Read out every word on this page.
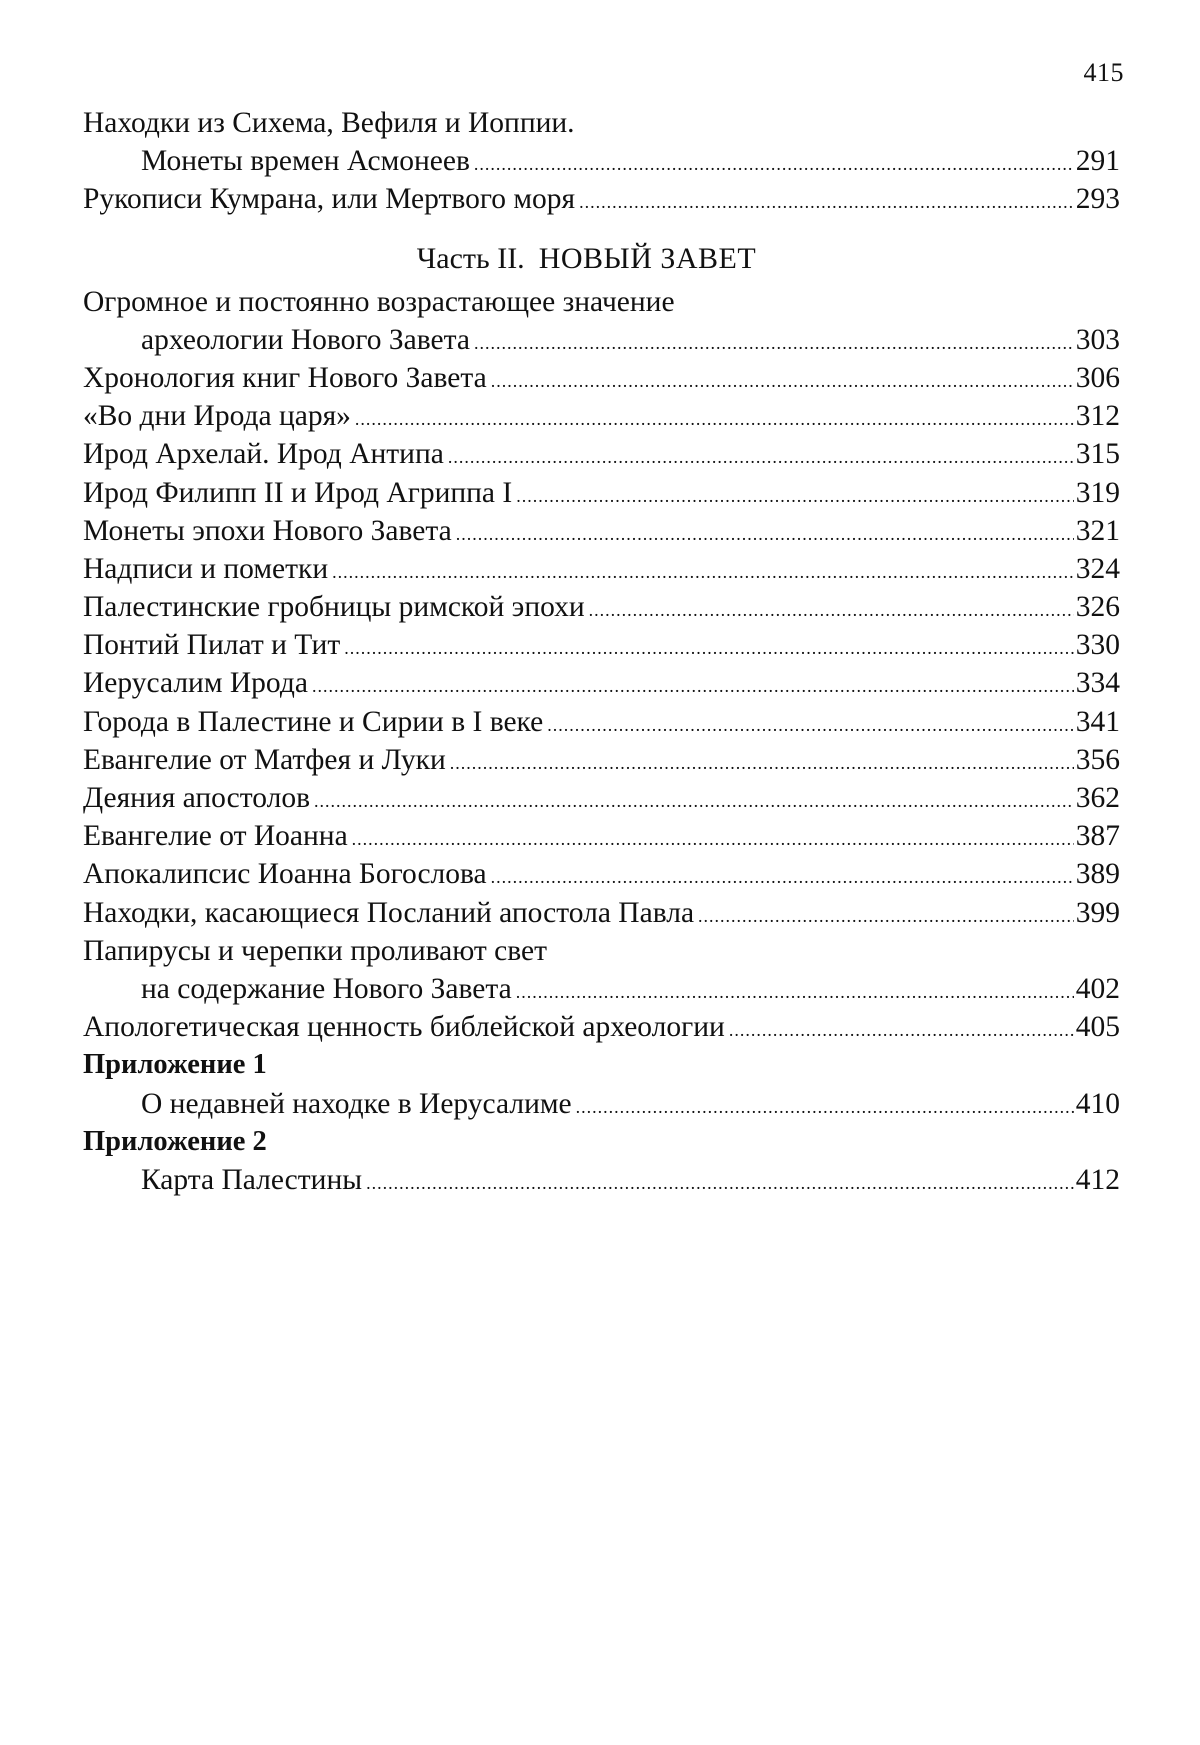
415
Находки из Сихема, Вефиля и Иоппии.
Монеты времен Асмонеев .....	291
Рукописи Кумрана, или Мертвого моря .....	293
Часть II. НОВЫЙ ЗАВЕТ
Огромное и постоянно возрастающее значение
археологии Нового Завета .....	303
Хронология книг Нового Завета .....	306
«Во дни Ирода царя» .....	312
Ирод Архелай. Ирод Антипа .....	315
Ирод Филипп II и Ирод Агриппа I .....	319
Монеты эпохи Нового Завета .....	321
Надписи и пометки .....	324
Палестинские гробницы римской эпохи .....	326
Понтий Пилат и Тит .....	330
Иерусалим Ирода .....	334
Города в Палестине и Сирии в I веке .....	341
Евангелие от Матфея и Луки .....	356
Деяния апостолов .....	362
Евангелие от Иоанна .....	387
Апокалипсис Иоанна Богослова .....	389
Находки, касающиеся Посланий апостола Павла .....	399
Папирусы и черепки проливают свет
на содержание Нового Завета .....	402
Апологетическая ценность библейской археологии .....	405
Приложение 1
О недавней находке в Иерусалиме .....	410
Приложение 2
Карта Палестины .....	412
